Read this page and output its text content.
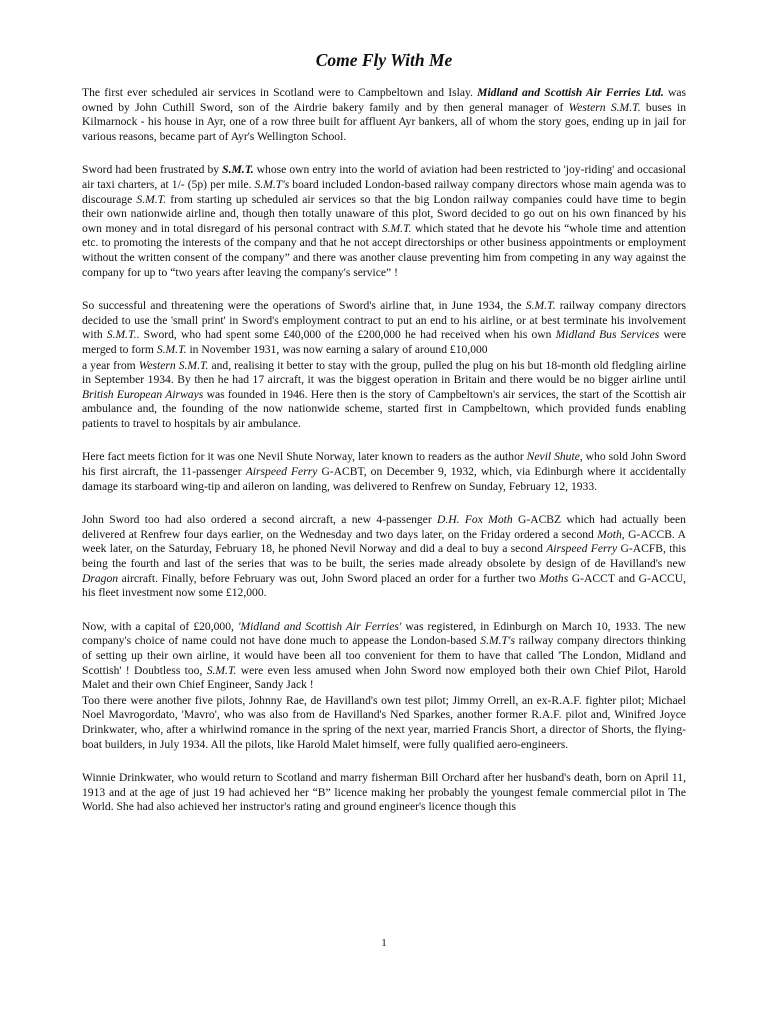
Come Fly With Me

The first ever scheduled air services in Scotland were to Campbeltown and Islay. Midland and Scottish Air Ferries Ltd. was owned by John Cuthill Sword, son of the Airdrie bakery family and by then general manager of Western S.M.T. buses in Kilmarnock - his house in Ayr, one of a row three built for affluent Ayr bankers, all of whom the story goes, ending up in jail for various reasons, became part of Ayr's Wellington School.

Sword had been frustrated by S.M.T. whose own entry into the world of aviation had been restricted to 'joy-riding' and occasional air taxi charters, at 1/- (5p) per mile. S.M.T's board included London-based railway company directors whose main agenda was to discourage S.M.T. from starting up scheduled air services so that the big London railway companies could have time to begin their own nationwide airline and, though then totally unaware of this plot, Sword decided to go out on his own financed by his own money and in total disregard of his personal contract with S.M.T. which stated that he devote his “whole time and attention etc. to promoting the interests of the company and that he not accept directorships or other business appointments or employment without the written consent of the company” and there was another clause preventing him from competing in any way against the company for up to “two years after leaving the company's service” !

So successful and threatening were the operations of Sword's airline that, in June 1934, the S.M.T. railway company directors decided to use the 'small print' in Sword's employment contract to put an end to his airline, or at best terminate his involvement with S.M.T.. Sword, who had spent some £40,000 of the £200,000 he had received when his own Midland Bus Services were merged to form S.M.T. in November 1931, was now earning a salary of around £10,000

a year from Western S.M.T. and, realising it better to stay with the group, pulled the plug on his but 18-month old fledgling airline in September 1934. By then he had 17 aircraft, it was the biggest operation in Britain and there would be no bigger airline until British European Airways was founded in 1946. Here then is the story of Campbeltown's air services, the start of the Scottish air ambulance and, the founding of the now nationwide scheme, started first in Campbeltown, which provided funds enabling patients to travel to hospitals by air ambulance.

Here fact meets fiction for it was one Nevil Shute Norway, later known to readers as the author Nevil Shute, who sold John Sword his first aircraft, the 11-passenger Airspeed Ferry G-ACBT, on December 9, 1932, which, via Edinburgh where it accidentally damage its starboard wing-tip and aileron on landing, was delivered to Renfrew on Sunday, February 12, 1933.

John Sword too had also ordered a second aircraft, a new 4-passenger D.H. Fox Moth G-ACBZ which had actually been delivered at Renfrew four days earlier, on the Wednesday and two days later, on the Friday ordered a second Moth, G-ACCB. A week later, on the Saturday, February 18, he phoned Nevil Norway and did a deal to buy a second Airspeed Ferry G-ACFB, this being the fourth and last of the series that was to be built, the series made already obsolete by design of de Havilland's new Dragon aircraft. Finally, before February was out, John Sword placed an order for a further two Moths G-ACCT and G-ACCU, his fleet investment now some £12,000.

Now, with a capital of £20,000, 'Midland and Scottish Air Ferries' was registered, in Edinburgh on March 10, 1933. The new company's choice of name could not have done much to appease the London-based S.M.T's railway company directors thinking of setting up their own airline, it would have been all too convenient for them to have that called 'The London, Midland and Scottish' ! Doubtless too, S.M.T. were even less amused when John Sword now employed both their own Chief Pilot, Harold Malet and their own Chief Engineer, Sandy Jack !

Too there were another five pilots, Johnny Rae, de Havilland's own test pilot; Jimmy Orrell, an ex-R.A.F. fighter pilot; Michael Noel Mavrogordato, 'Mavro', who was also from de Havilland's Ned Sparkes, another former R.A.F. pilot and, Winifred Joyce Drinkwater, who, after a whirlwind romance in the spring of the next year, married Francis Short, a director of Shorts, the flying-boat builders, in July 1934. All the pilots, like Harold Malet himself, were fully qualified aero-engineers.

Winnie Drinkwater, who would return to Scotland and marry fisherman Bill Orchard after her husband's death, born on April 11, 1913 and at the age of just 19 had achieved her “B” licence making her probably the youngest female commercial pilot in The World. She had also achieved her instructor's rating and ground engineer's licence though this

1
